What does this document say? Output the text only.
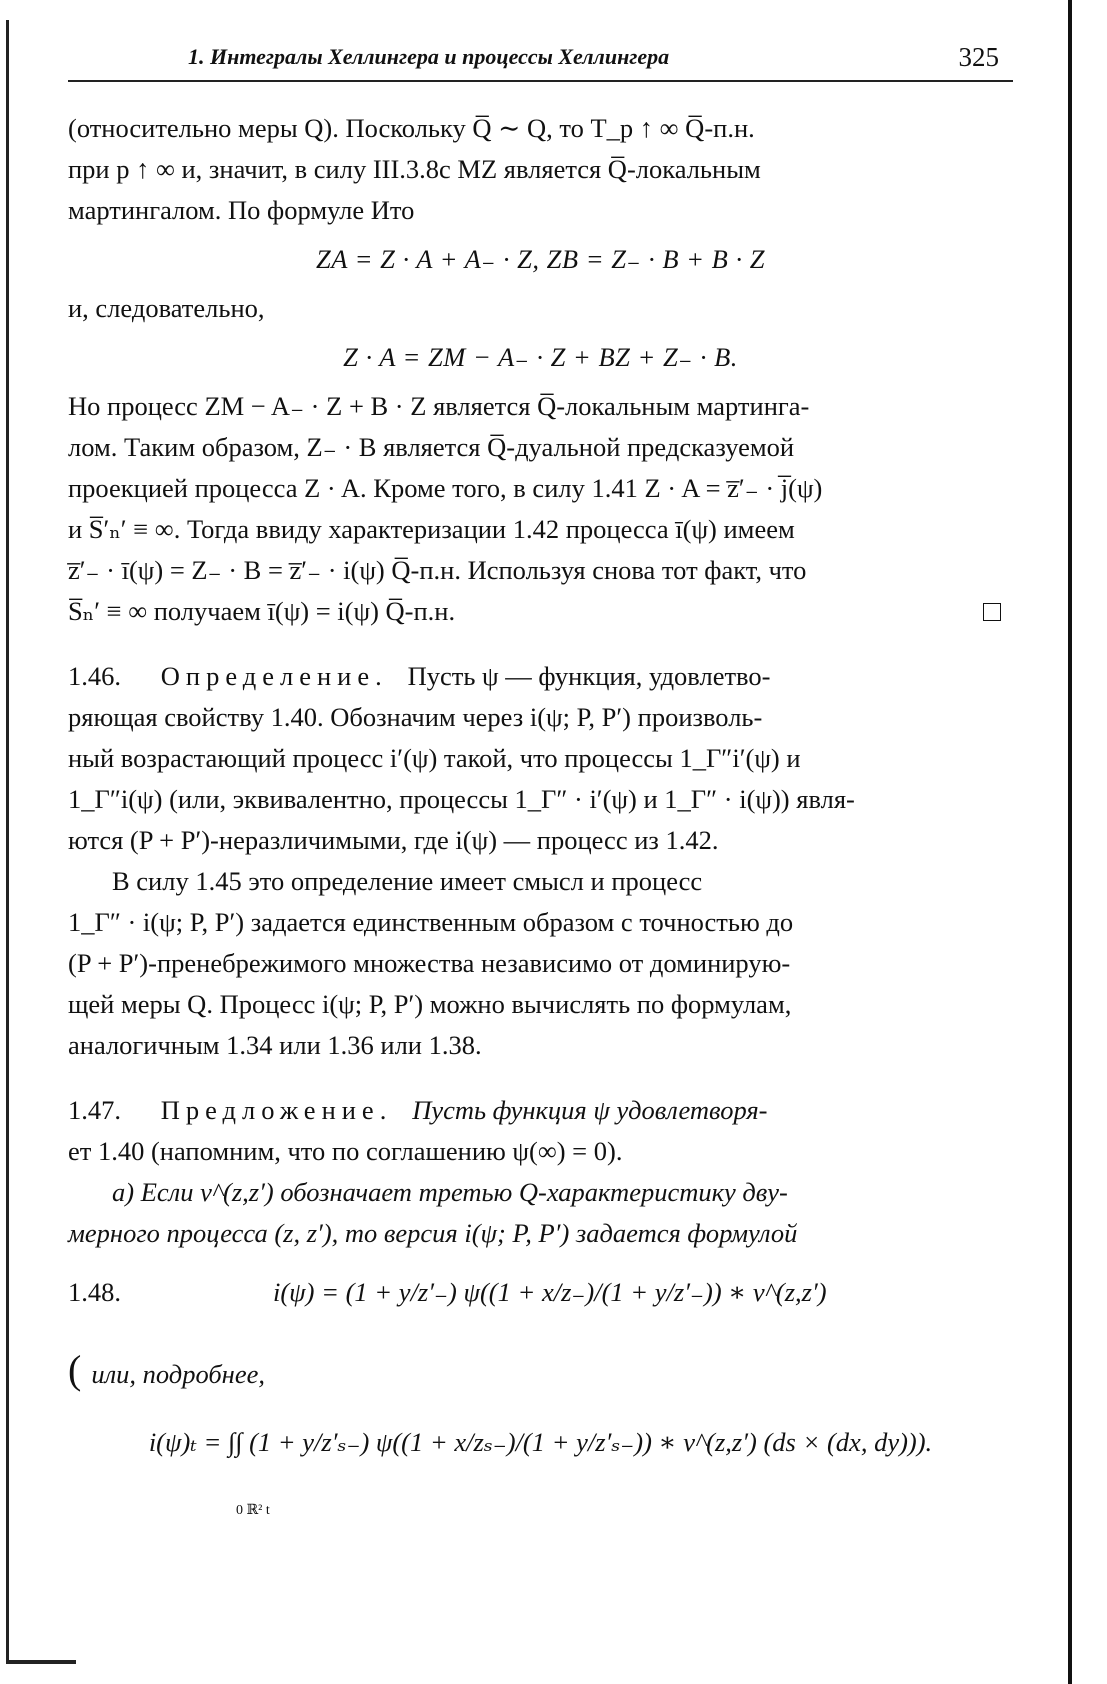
1. Интегралы Хеллингера и процессы Хеллингера	325

(относительно меры Q). Поскольку Q̅ ∼ Q, то T_p ↑ ∞ Q̅-п.н.

при p ↑ ∞ и, значит, в силу III.3.8c MZ является Q̅-локальным

мартингалом. По формуле Ито

ZA = Z · A + A₋ · Z, ZB = Z₋ · B + B · Z

и, следовательно,

Z · A = ZM − A₋ · Z + BZ + Z₋ · B.

Но процесс ZM − A₋ · Z + B · Z является Q̅-локальным мартинга-

лом. Таким образом, Z₋ · B является Q̅-дуальной предсказуемой

проекцией процесса Z · A. Кроме того, в силу 1.41 Z · A = z̅′₋ · j̅(ψ)

и S̅′ₙ′ ≡ ∞. Тогда ввиду характеризации 1.42 процесса ī(ψ) имеем

z̅′₋ · ī(ψ) = Z₋ · B = z̅′₋ · i(ψ) Q̅-п.н. Используя снова тот факт, что

S̅ₙ′ ≡ ∞ получаем ī(ψ) = i(ψ) Q̅-п.н.

1.46. Определение. Пусть ψ — функция, удовлетво-

ряющая свойству 1.40. Обозначим через i(ψ; P, P′) произволь-

ный возрастающий процесс i′(ψ) такой, что процессы 1_Γ″i′(ψ) и

1_Γ″i(ψ) (или, эквивалентно, процессы 1_Γ″ · i′(ψ) и 1_Γ″ · i(ψ)) явля-

ются (P + P′)-неразличимыми, где i(ψ) — процесс из 1.42.

В силу 1.45 это определение имеет смысл и процесс

1_Γ″ · i(ψ; P, P′) задается единственным образом с точностью до

(P + P′)-пренебрежимого множества независимо от доминирую-

щей меры Q. Процесс i(ψ; P, P′) можно вычислять по формулам,

аналогичным 1.34 или 1.36 или 1.38.

1.47. Предложение. Пусть функция ψ удовлетворя-

ет 1.40 (напомним, что по соглашению ψ(∞) = 0).

а) Если ν^(z,z′) обозначает третью Q-характеристику дву-

мерного процесса (z, z′), то версия i(ψ; P, P′) задается формулой

1.48.	i(ψ) = (1 + y/z′₋) ψ((1 + x/z₋)/(1 + y/z′₋)) ∗ ν^(z,z′)
( или, подробнее,
i(ψ)ₜ = ∫∫ (1 + y/z′ₛ₋) ψ((1 + x/zₛ₋)/(1 + y/z′ₛ₋)) ∗ ν^(z,z′) (ds × (dx, dy))).
0 ℝ² t
